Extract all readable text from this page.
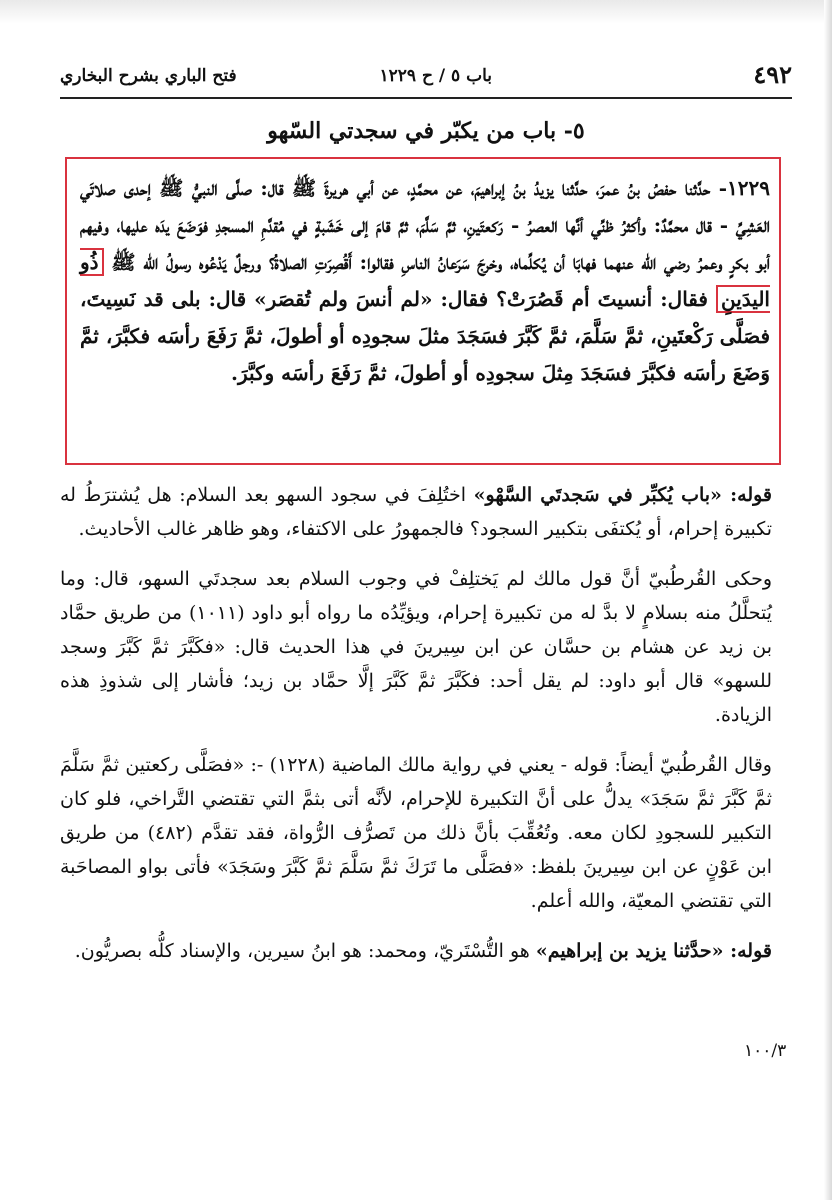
٤٩٢
باب ٥ / ح ١٢٢٩
فتح الباري بشرح البخاري
٥- باب من يكبّر في سجدتي السّهو
١٢٢٩- حدَّثنا حفصُ بنُ عمرَ، حدَّثنا يزيدُ بنُ إبراهيمَ، عن محمَّدٍ، عن أبي هريرةَ ﷺ قال: صلَّى النبيُّ ﷺ إحدى صلاتَي العَشِيِّ - قال محمَّدٌ: وأكثرُ ظنِّي أنَّها العصرُ - رَكعتَينِ، ثمَّ سَلَّمَ، ثمَّ قامَ إلى خَشَبةٍ في مُقدَّمِ المسجدِ فوَضَعَ يدَه عليها، وفيهم أبو بكرٍ وعمرُ رضي الله عنهما فهابَا أن يُكلِّماه، وخرجَ سَرَعانُ الناسِ فقالوا: أَقُصِرَتِ الصلاةُ؟ ورجلٌ يَدْعُوه رسولُ الله ﷺ ذُو اليدَينِ فقال: أنسيتَ أم قَصُرَتْ؟ فقال: «لم أنسَ ولم تُقصَر» قال: بلى قد نَسِيتَ، فصَلَّى رَكْعتَينِ، ثمَّ سَلَّمَ، ثمَّ كَبَّرَ فسَجَدَ مثلَ سجودِه أو أطولَ، ثمَّ رَفَعَ رأسَه فكبَّرَ، ثمَّ وَضَعَ رأسَه فكبَّرَ فسَجَدَ مِثلَ سجودِه أو أطولَ، ثمَّ رَفَعَ رأسَه وكبَّرَ.

قوله: «باب يُكبِّر في سَجدتَي السَّهْو» اختُلِفَ في سجود السهو بعد السلام: هل يُشترَطُ له تكبيرة إحرام، أو يُكتفَى بتكبير السجود؟ فالجمهورُ على الاكتفاء، وهو ظاهر غالب الأحاديث.

وحكى القُرطُبيّ أنَّ قول مالك لم يَختلِفْ في وجوب السلام بعد سجدتَي السهو، قال: وما يُتحلَّلُ منه بسلامٍ لا بدَّ له من تكبيرة إحرام، ويؤيِّدُه ما رواه أبو داود (١٠١١) من طريق حمَّاد بن زيد عن هشام بن حسَّان عن ابن سِيرينَ في هذا الحديث قال: «فكَبَّرَ ثمَّ كَبَّرَ وسجد للسهو» قال أبو داود: لم يقل أحد: فكَبَّرَ ثمَّ كَبَّرَ إلَّا حمَّاد بن زيد؛ فأشار إلى شذوذِ هذه الزيادة.

وقال القُرطُبيّ أيضاً: قوله - يعني في رواية مالك الماضية (١٢٢٨) -: «فصَلَّى ركعتين ثمَّ سَلَّمَ ثمَّ كَبَّرَ ثمَّ سَجَدَ» يدلُّ على أنَّ التكبيرة للإحرام، لأنَّه أتى بثمَّ التي تقتضي التَّراخي، فلو كان التكبير للسجودِ لكان معه. وتُعُقِّبَ بأنَّ ذلك من تَصرُّف الرُّواة، فقد تقدَّم (٤٨٢) من طريق ابن عَوْنٍ عن ابن سِيرينَ بلفظ: «فصَلَّى ما تَرَكَ ثمَّ سَلَّمَ ثمَّ كَبَّرَ وسَجَدَ» فأتى بواو المصاحَبة التي تقتضي المعيّة، والله أعلم.

قوله: «حدَّثنا يزيد بن إبراهيم» هو التُّسْتَريّ، ومحمد: هو ابنُ سيرين، والإسناد كلُّه بصريُّون.

١٠٠/٣
